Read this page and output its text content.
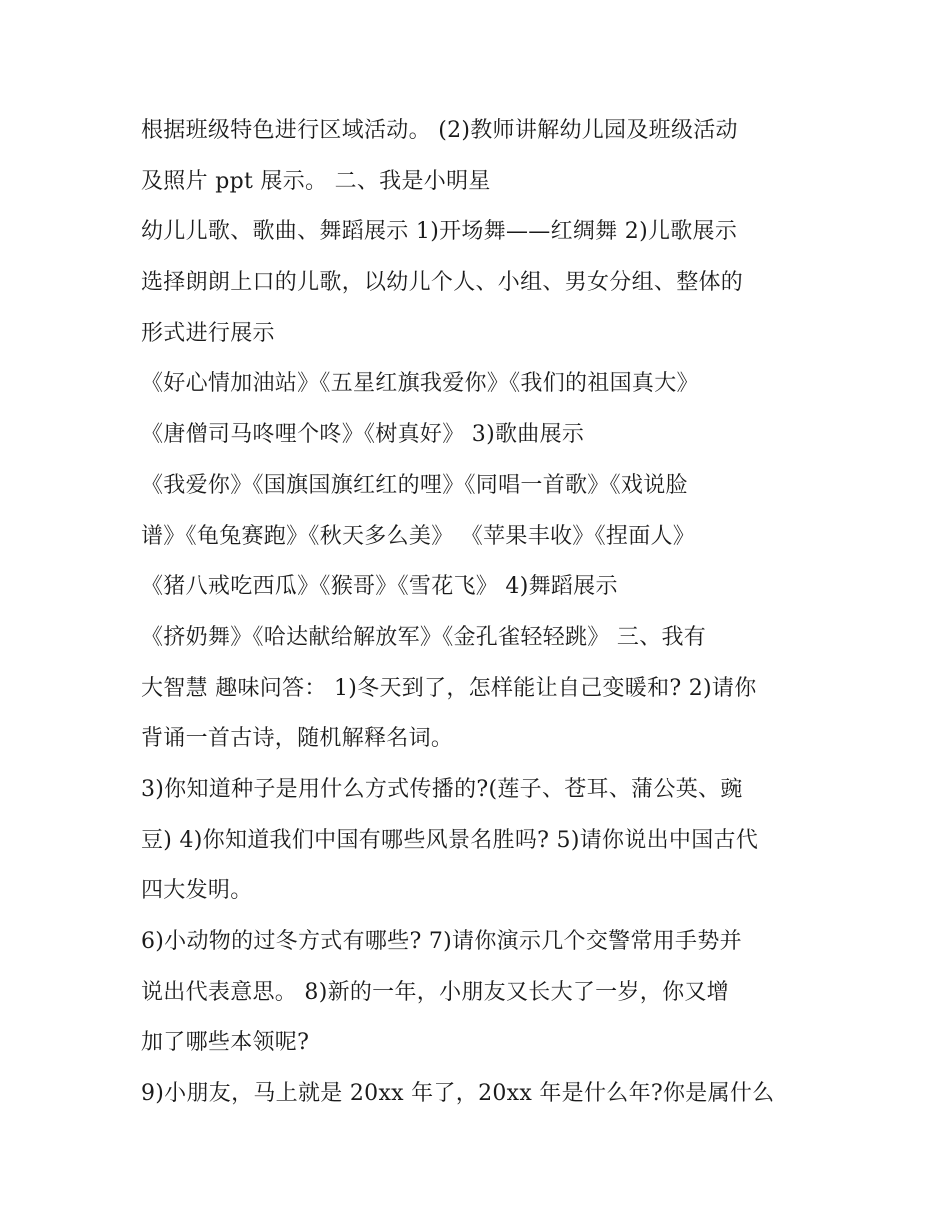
根据班级特色进行区域活动。 (2)教师讲解幼儿园及班级活动
及照片 ppt 展示。 二、我是小明星
幼儿儿歌、歌曲、舞蹈展示 1)开场舞——红绸舞 2)儿歌展示
选择朗朗上口的儿歌，以幼儿个人、小组、男女分组、整体的
形式进行展示
《好心情加油站》《五星红旗我爱你》《我们的祖国真大》
《唐僧司马咚哩个咚》《树真好》 3)歌曲展示
《我爱你》《国旗国旗红红的哩》《同唱一首歌》《戏说脸
谱》《龟兔赛跑》《秋天多么美》 《苹果丰收》《捏面人》
《猪八戒吃西瓜》《猴哥》《雪花飞》 4)舞蹈展示
《挤奶舞》《哈达献给解放军》《金孔雀轻轻跳》 三、我有
大智慧 趣味问答： 1)冬天到了，怎样能让自己变暖和? 2)请你
背诵一首古诗，随机解释名词。
3)你知道种子是用什么方式传播的?(莲子、苍耳、蒲公英、豌
豆) 4)你知道我们中国有哪些风景名胜吗? 5)请你说出中国古代
四大发明。
6)小动物的过冬方式有哪些? 7)请你演示几个交警常用手势并
说出代表意思。 8)新的一年，小朋友又长大了一岁，你又增
加了哪些本领呢?
9)小朋友，马上就是 20xx 年了，20xx 年是什么年?你是属什么
